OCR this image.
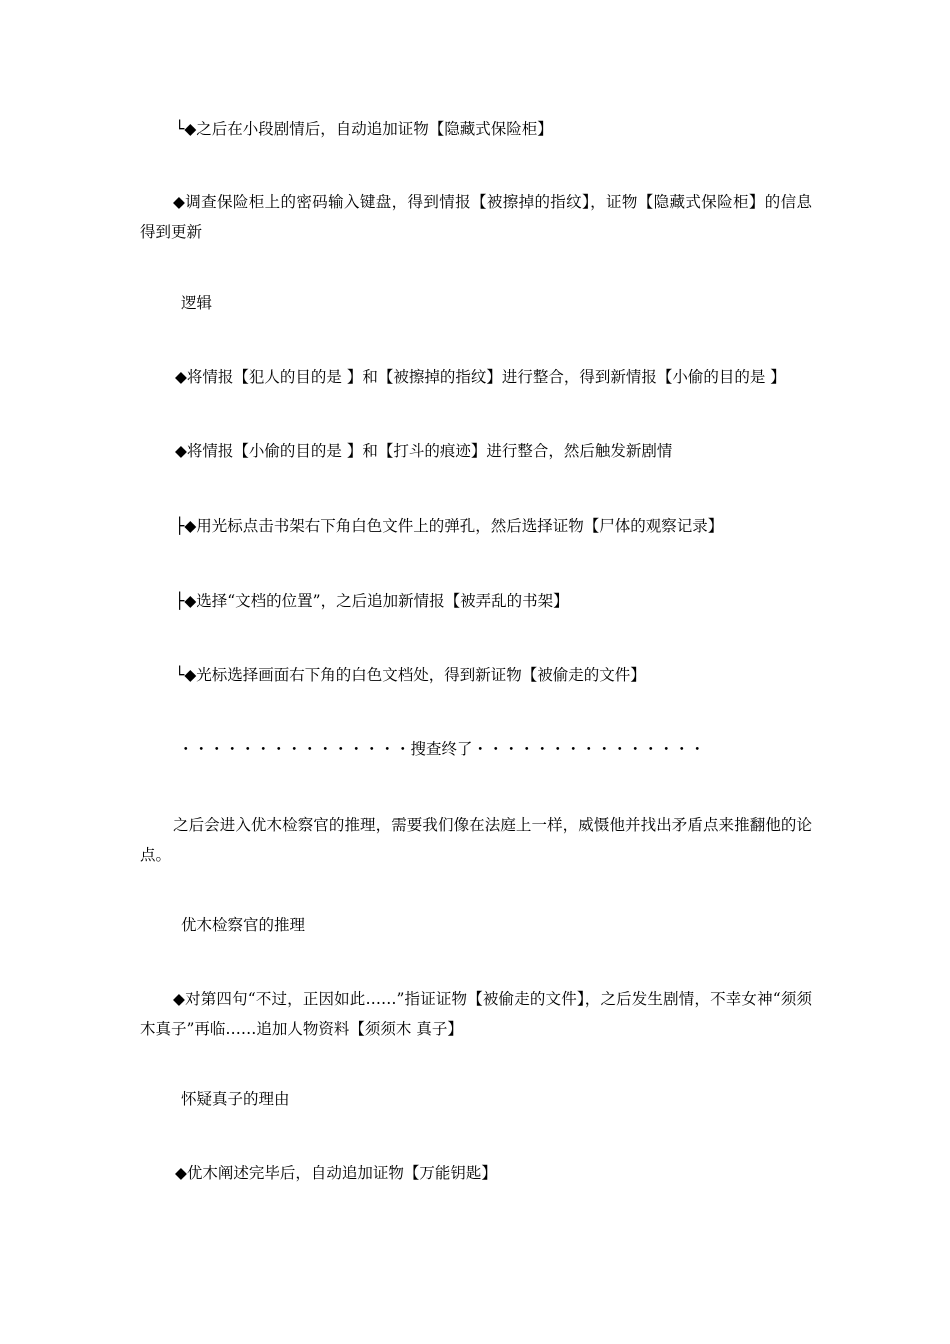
└◆之后在小段剧情后，自动追加证物【隐藏式保险柜】
◆调查保险柜上的密码输入键盘，得到情报【被擦掉的指纹】，证物【隐藏式保险柜】的信息得到更新
逻辑
◆将情报【犯人的目的是 】和【被擦掉的指纹】进行整合，得到新情报【小偷的目的是 】
◆将情报【小偷的目的是 】和【打斗的痕迹】进行整合，然后触发新剧情
├◆用光标点击书架右下角白色文件上的弹孔，然后选择证物【尸体的观察记录】
├◆选择“文档的位置”，之后追加新情报【被弄乱的书架】
└◆光标选择画面右下角的白色文档处，得到新证物【被偷走的文件】
・・・・・・・・・・・・・・・搜查终了・・・・・・・・・・・・・・・
之后会进入优木检察官的推理，需要我们像在法庭上一样，威慑他并找出矛盾点来推翻他的论点。
优木检察官的推理
◆对第四句“不过，正因如此……”指证证物【被偷走的文件】，之后发生剧情，不幸女神“须须木真子”再临……追加人物资料【须须木 真子】
怀疑真子的理由
◆优木阐述完毕后，自动追加证物【万能钥匙】
